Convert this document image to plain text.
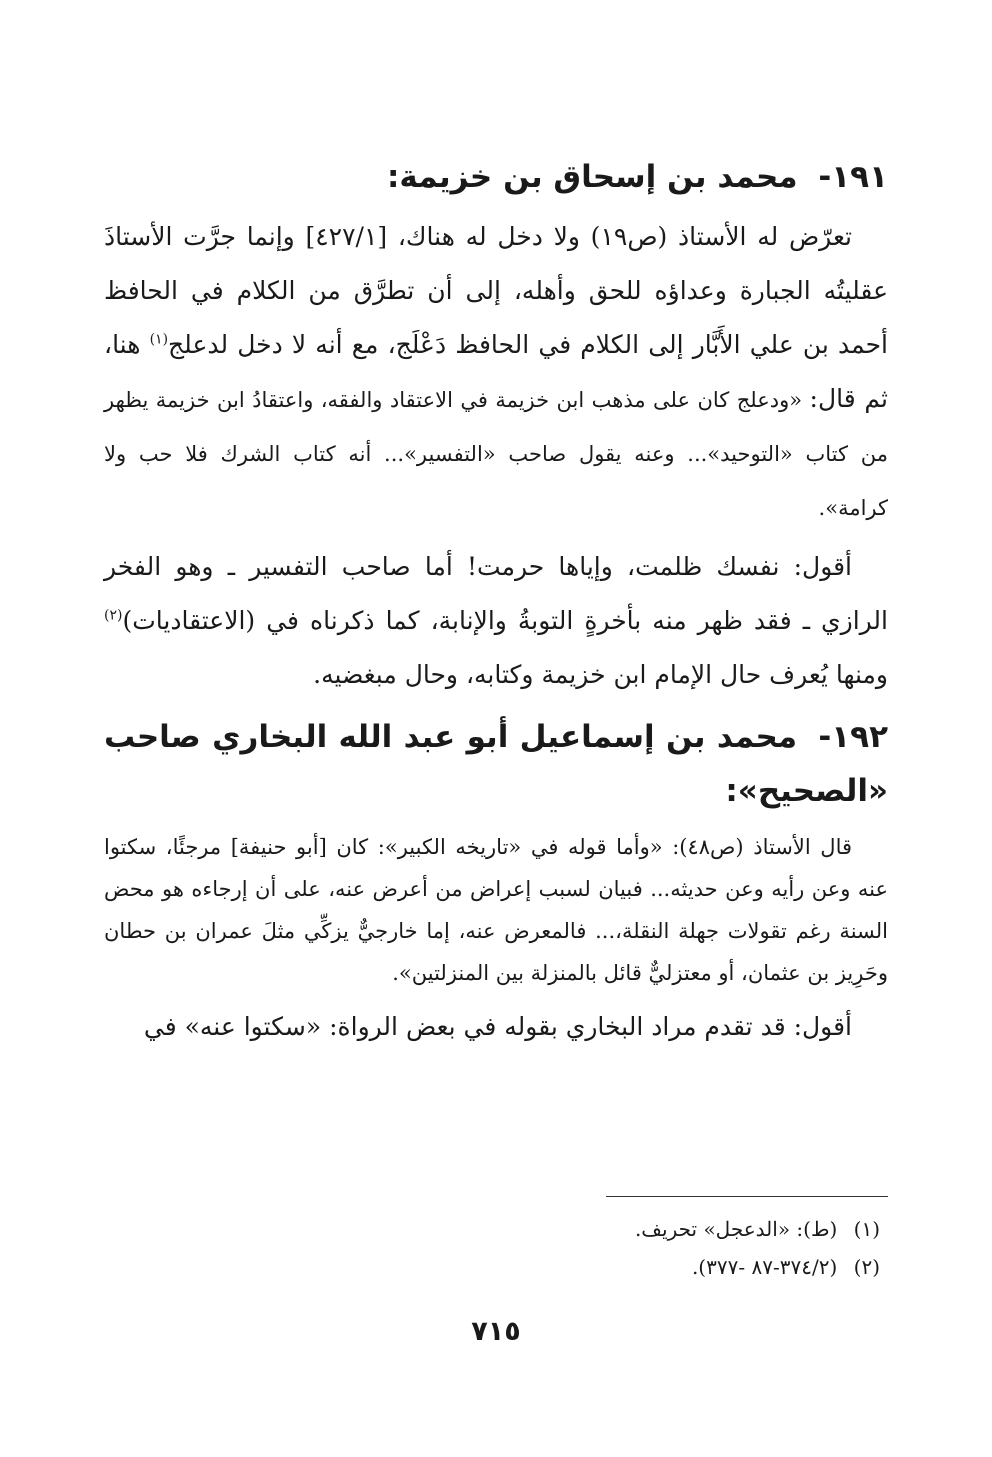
١٩١- محمد بن إسحاق بن خزيمة:

تعرّض له الأستاذ (ص١٩) ولا دخل له هناك، [٤٢٧/١] وإنما جرَّت الأستاذَ عقليتُه الجبارة وعداؤه للحق وأهله، إلى أن تطرَّق من الكلام في الحافظ أحمد بن علي الأَبَّار إلى الكلام في الحافظ دَعْلَج، مع أنه لا دخل لدعلج$^{(١)}$ هنا، ثم قال: «ودعلج كان على مذهب ابن خزيمة في الاعتقاد والفقه، واعتقادُ ابن خزيمة يظهر من كتاب «التوحيد»... وعنه يقول صاحب «التفسير»... أنه كتاب الشرك فلا حب ولا كرامة».

أقول: نفسك ظلمت، وإياها حرمت! أما صاحب التفسير ـ وهو الفخر الرازي ـ فقد ظهر منه بأخرةٍ التوبةُ والإنابة، كما ذكرناه في (الاعتقاديات)$^{(٢)}$ ومنها يُعرف حال الإمام ابن خزيمة وكتابه، وحال مبغضيه.

١٩٢- محمد بن إسماعيل أبو عبد الله البخاري صاحب «الصحيح»:

قال الأستاذ (ص٤٨): «وأما قوله في «تاريخه الكبير»: كان [أبو حنيفة] مرجئًا، سكتوا عنه وعن رأيه وعن حديثه... فبيان لسبب إعراض من أعرض عنه، على أن إرجاءه هو محض السنة رغم تقولات جهلة النقلة،... فالمعرض عنه، إما خارجيٌّ يزكِّي مثلَ عمران بن حطان وحَرِيز بن عثمان، أو معتزليٌّ قائل بالمنزلة بين المنزلتين».

أقول: قد تقدم مراد البخاري بقوله في بعض الرواة: «سكتوا عنه» في

(١) (ط): «الدعجل» تحريف.
(٢) (٣٧٤/٢-٨٧ -٣٧٧).
٧١٥
